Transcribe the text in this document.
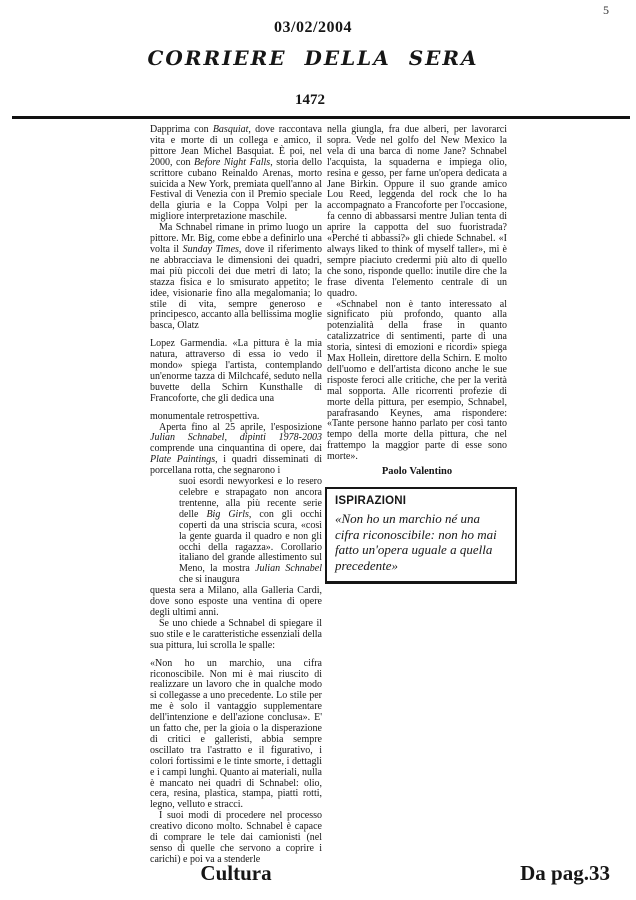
5
03/02/2004
CORRIERE DELLA SERA
1472

Dapprima con Basquiat, dove raccontava vita e morte di un collega e amico, il pittore Jean Michel Basquiat. È poi, nel 2000, con Before Night Falls, storia dello scrittore cubano Reinaldo Arenas, morto suicida a New York, premiata quell'anno al Festival di Venezia con il Premio speciale della giuria e la Coppa Volpi per la migliore interpretazione maschile.

Ma Schnabel rimane in primo luogo un pittore. Mr. Big, come ebbe a definirlo una volta il Sunday Times, dove il riferimento ne abbracciava le dimensioni dei quadri, mai più piccoli dei due metri di lato; la stazza fisica e lo smisurato appetito; le idee, visionarie fino alla megalomania; lo stile di vita, sempre generoso e principesco, accanto alla bellissima moglie basca, Olatz

Lopez Garmendia. «La pittura è la mia natura, attraverso di essa io vedo il mondo» spiega l'artista, contemplando un'enorme tazza di Milchcafé, seduto nella buvette della Schirn Kunsthalle di Francoforte, che gli dedica una

monumentale retrospettiva.

Aperta fino al 25 aprile, l'esposizione Julian Schnabel, dipinti 1978-2003 comprende una cinquantina di opere, dai Plate Paintings, i quadri disseminati di porcellana rotta, che segnarono i

suoi esordi newyorkesi e lo resero celebre e strapagato non ancora trentenne, alla più recente serie delle Big Girls, con gli occhi coperti da una striscia scura, «così la gente guarda il quadro e non gli occhi della ragazza». Corollario italiano del grande allestimento sul Meno, la mostra Julian Schnabel che si inaugura

questa sera a Milano, alla Galleria Cardi, dove sono esposte una ventina di opere degli ultimi anni.

Se uno chiede a Schnabel di spiegare il suo stile e le caratteristiche essenziali della sua pittura, lui scrolla le spalle:

«Non ho un marchio, una cifra riconoscibile. Non mi è mai riuscito di realizzare un lavoro che in qualche modo si collegasse a uno precedente. Lo stile per me è solo il vantaggio supplementare dell'intenzione e dell'azione conclusa». E' un fatto che, per la gioia o la disperazione di critici e galleristi, abbia sempre oscillato tra l'astratto e il figurativo, i colori fortissimi e le tinte smorte, i dettagli e i campi lunghi. Quanto ai materiali, nulla è mancato nei quadri di Schnabel: olio, cera, resina, plastica, stampa, piatti rotti, legno, velluto e stracci.

I suoi modi di procedere nel processo creativo dicono molto. Schnabel è capace di comprare le tele dai camionisti (nel senso di quelle che servono a coprire i carichi) e poi va a stenderle

nella giungla, fra due alberi, per lavorarci sopra. Vede nel golfo del New Mexico la vela di una barca di nome Jane? Schnabel l'acquista, la squaderna e impiega olio, resina e gesso, per farne un'opera dedicata a Jane Birkin. Oppure il suo grande amico Lou Reed, leggenda del rock che lo ha accompagnato a Francoforte per l'occasione, fa cenno di abbassarsi mentre Julian tenta di aprire la cappotta del suo fuoristrada? «Perché ti abbassi?» gli chiede Schnabel. «I always liked to think of myself taller», mi è sempre piaciuto credermi più alto di quello che sono, risponde quello: inutile dire che la frase diventa l'elemento centrale di un quadro.

«Schnabel non è tanto interessato al significato più profondo, quanto alla potenzialità della frase in quanto catalizzatrice di sentimenti, parte di una storia, sintesi di emozioni e ricordi» spiega Max Hollein, direttore della Schirn. E molto dell'uomo e dell'artista dicono anche le sue risposte feroci alle critiche, che per la verità mal sopporta. Alle ricorrenti profezie di morte della pittura, per esempio, Schnabel, parafrasando Keynes, ama rispondere: «Tante persone hanno parlato per così tanto tempo della morte della pittura, che nel frattempo la maggior parte di esse sono morte».

Paolo Valentino
ISPIRAZIONI
«Non ho un marchio né una cifra riconoscibile: non ho mai fatto un'opera uguale a quella precedente»
Cultura	Da pag.33
